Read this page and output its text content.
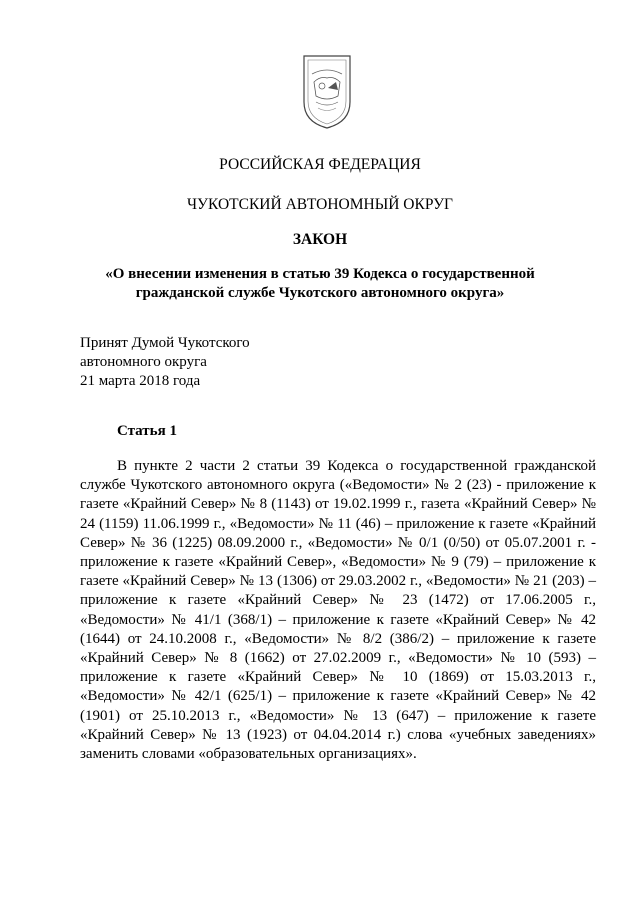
РОССИЙСКАЯ ФЕДЕРАЦИЯ
ЧУКОТСКИЙ АВТОНОМНЫЙ ОКРУГ
ЗАКОН
«О внесении изменения в статью 39 Кодекса о государственной
гражданской службе Чукотского автономного округа»
Принят Думой Чукотского
автономного округа
21 марта 2018 года
Статья 1

В пункте 2 части 2 статьи 39 Кодекса о государственной гражданской службе Чукотского автономного округа («Ведомости» № 2 (23) - приложение к газете «Крайний Север» № 8 (1143) от 19.02.1999 г., газета «Крайний Север» № 24 (1159) 11.06.1999 г., «Ведомости» № 11 (46) – приложение к газете «Крайний Север» № 36 (1225) 08.09.2000 г., «Ведомости» № 0/1 (0/50) от 05.07.2001 г. - приложение к газете «Крайний Север», «Ведомости» № 9 (79) – приложение к газете «Крайний Север» № 13 (1306) от 29.03.2002 г., «Ведомости» № 21 (203) – приложение к газете «Крайний Север» № 23 (1472) от 17.06.2005 г., «Ведомости» № 41/1 (368/1) – приложение к газете «Крайний Север» № 42 (1644) от 24.10.2008 г., «Ведомости» № 8/2 (386/2) – приложение к газете «Крайний Север» № 8 (1662) от 27.02.2009 г., «Ведомости» № 10 (593) – приложение к газете «Крайний Север» № 10 (1869) от 15.03.2013 г., «Ведомости» № 42/1 (625/1) – приложение к газете «Крайний Север» № 42 (1901) от 25.10.2013 г., «Ведомости» № 13 (647) – приложение к газете «Крайний Север» № 13 (1923) от 04.04.2014 г.) слова «учебных заведениях» заменить словами «образовательных организациях».
